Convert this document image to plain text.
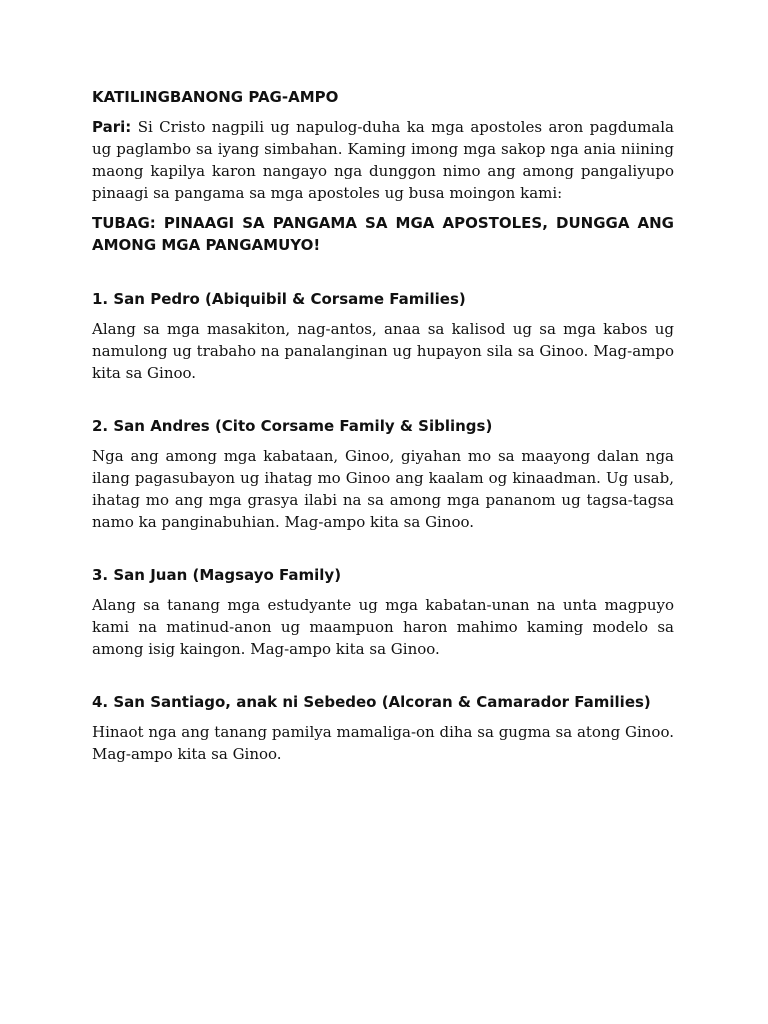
KATILINGBANONG PAG-AMPO

Pari: Si Cristo nagpili ug napulog-duha ka mga apostoles aron pagdumala ug paglambo sa iyang simbahan. Kaming imong mga sakop nga ania niining maong kapilya karon nangayo nga dunggon nimo ang among pangaliyupo pinaagi sa pangama sa mga apostoles ug busa moingon kami:

TUBAG: PINAAGI SA PANGAMA SA MGA APOSTOLES, DUNGGA ANG AMONG MGA PANGAMUYO!

1. San Pedro (Abiquibil & Corsame Families)

Alang sa mga masakiton, nag-antos, anaa sa kalisod ug sa mga kabos ug namulong ug trabaho na panalanginan ug hupayon sila sa Ginoo. Mag-ampo kita sa Ginoo.

2. San Andres (Cito Corsame Family & Siblings)

Nga ang among mga kabataan, Ginoo, giyahan mo sa maayong dalan nga ilang pagasubayon ug ihatag mo Ginoo ang kaalam og kinaadman. Ug usab, ihatag mo ang mga grasya ilabi na sa among mga pananom ug tagsa-tagsa namo ka panginabuhian. Mag-ampo kita sa Ginoo.

3. San Juan (Magsayo Family)

Alang sa tanang mga estudyante ug mga kabatan-unan na unta magpuyo kami na matinud-anon ug maampuon haron mahimo kaming modelo sa among isig kaingon. Mag-ampo kita sa Ginoo.

4. San Santiago, anak ni Sebedeo (Alcoran & Camarador Families)

Hinaot nga ang tanang pamilya mamaliga-on diha sa gugma sa atong Ginoo. Mag-ampo kita sa Ginoo.
